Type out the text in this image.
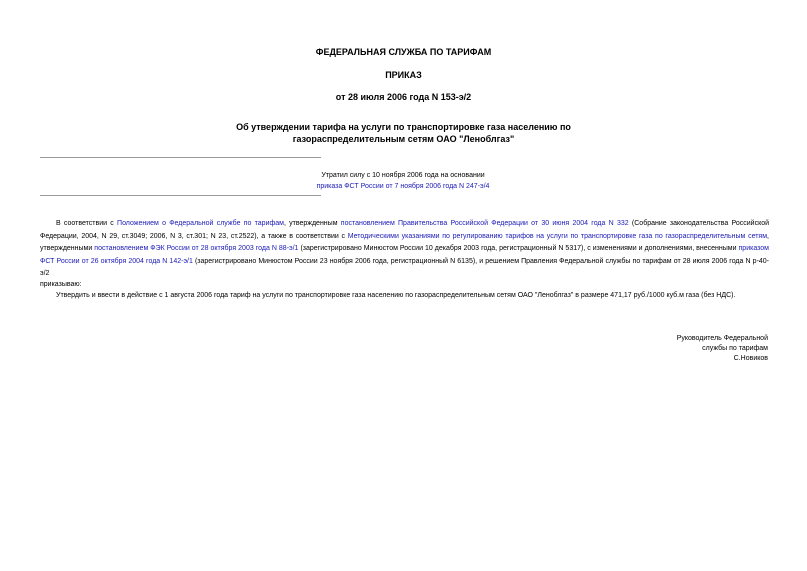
ФЕДЕРАЛЬНАЯ СЛУЖБА ПО ТАРИФАМ
ПРИКАЗ
от 28 июля 2006 года N 153-э/2
Об утверждении тарифа на услуги по транспортировке газа населению по
газораспределительным сетям ОАО "Леноблгаз"
Утратил силу с 10 ноября 2006 года на основании
приказа ФСТ России от 7 ноября 2006 года N 247-э/4

В соответствии с Положением о Федеральной службе по тарифам, утвержденным постановлением Правительства Российской Федерации от 30 июня 2004 года N 332 (Собрание законодательства Российской Федерации, 2004, N 29, ст.3049; 2006, N 3, ст.301; N 23, ст.2522), а также в соответствии с Методическими указаниями по регулированию тарифов на услуги по транспортировке газа по газораспределительным сетям, утвержденными постановлением ФЭК России от 28 октября 2003 года N 88-э/1 (зарегистрировано Минюстом России 10 декабря 2003 года, регистрационный N 5317), с изменениями и дополнениями, внесенными приказом ФСТ России от 26 октября 2004 года N 142-э/1 (зарегистрировано Минюстом России 23 ноября 2006 года, регистрационный N 6135), и решением Правления Федеральной службы по тарифам от 28 июля 2006 года N р-40-э/2

приказываю:
Утвердить и ввести в действие с 1 августа 2006 года тариф на услуги по транспортировке газа населению по газораспределительным сетям ОАО "Леноблгаз" в размере 471,17 руб./1000 куб.м газа (без НДС).
Руководитель Федеральной
службы по тарифам
С.Новиков
